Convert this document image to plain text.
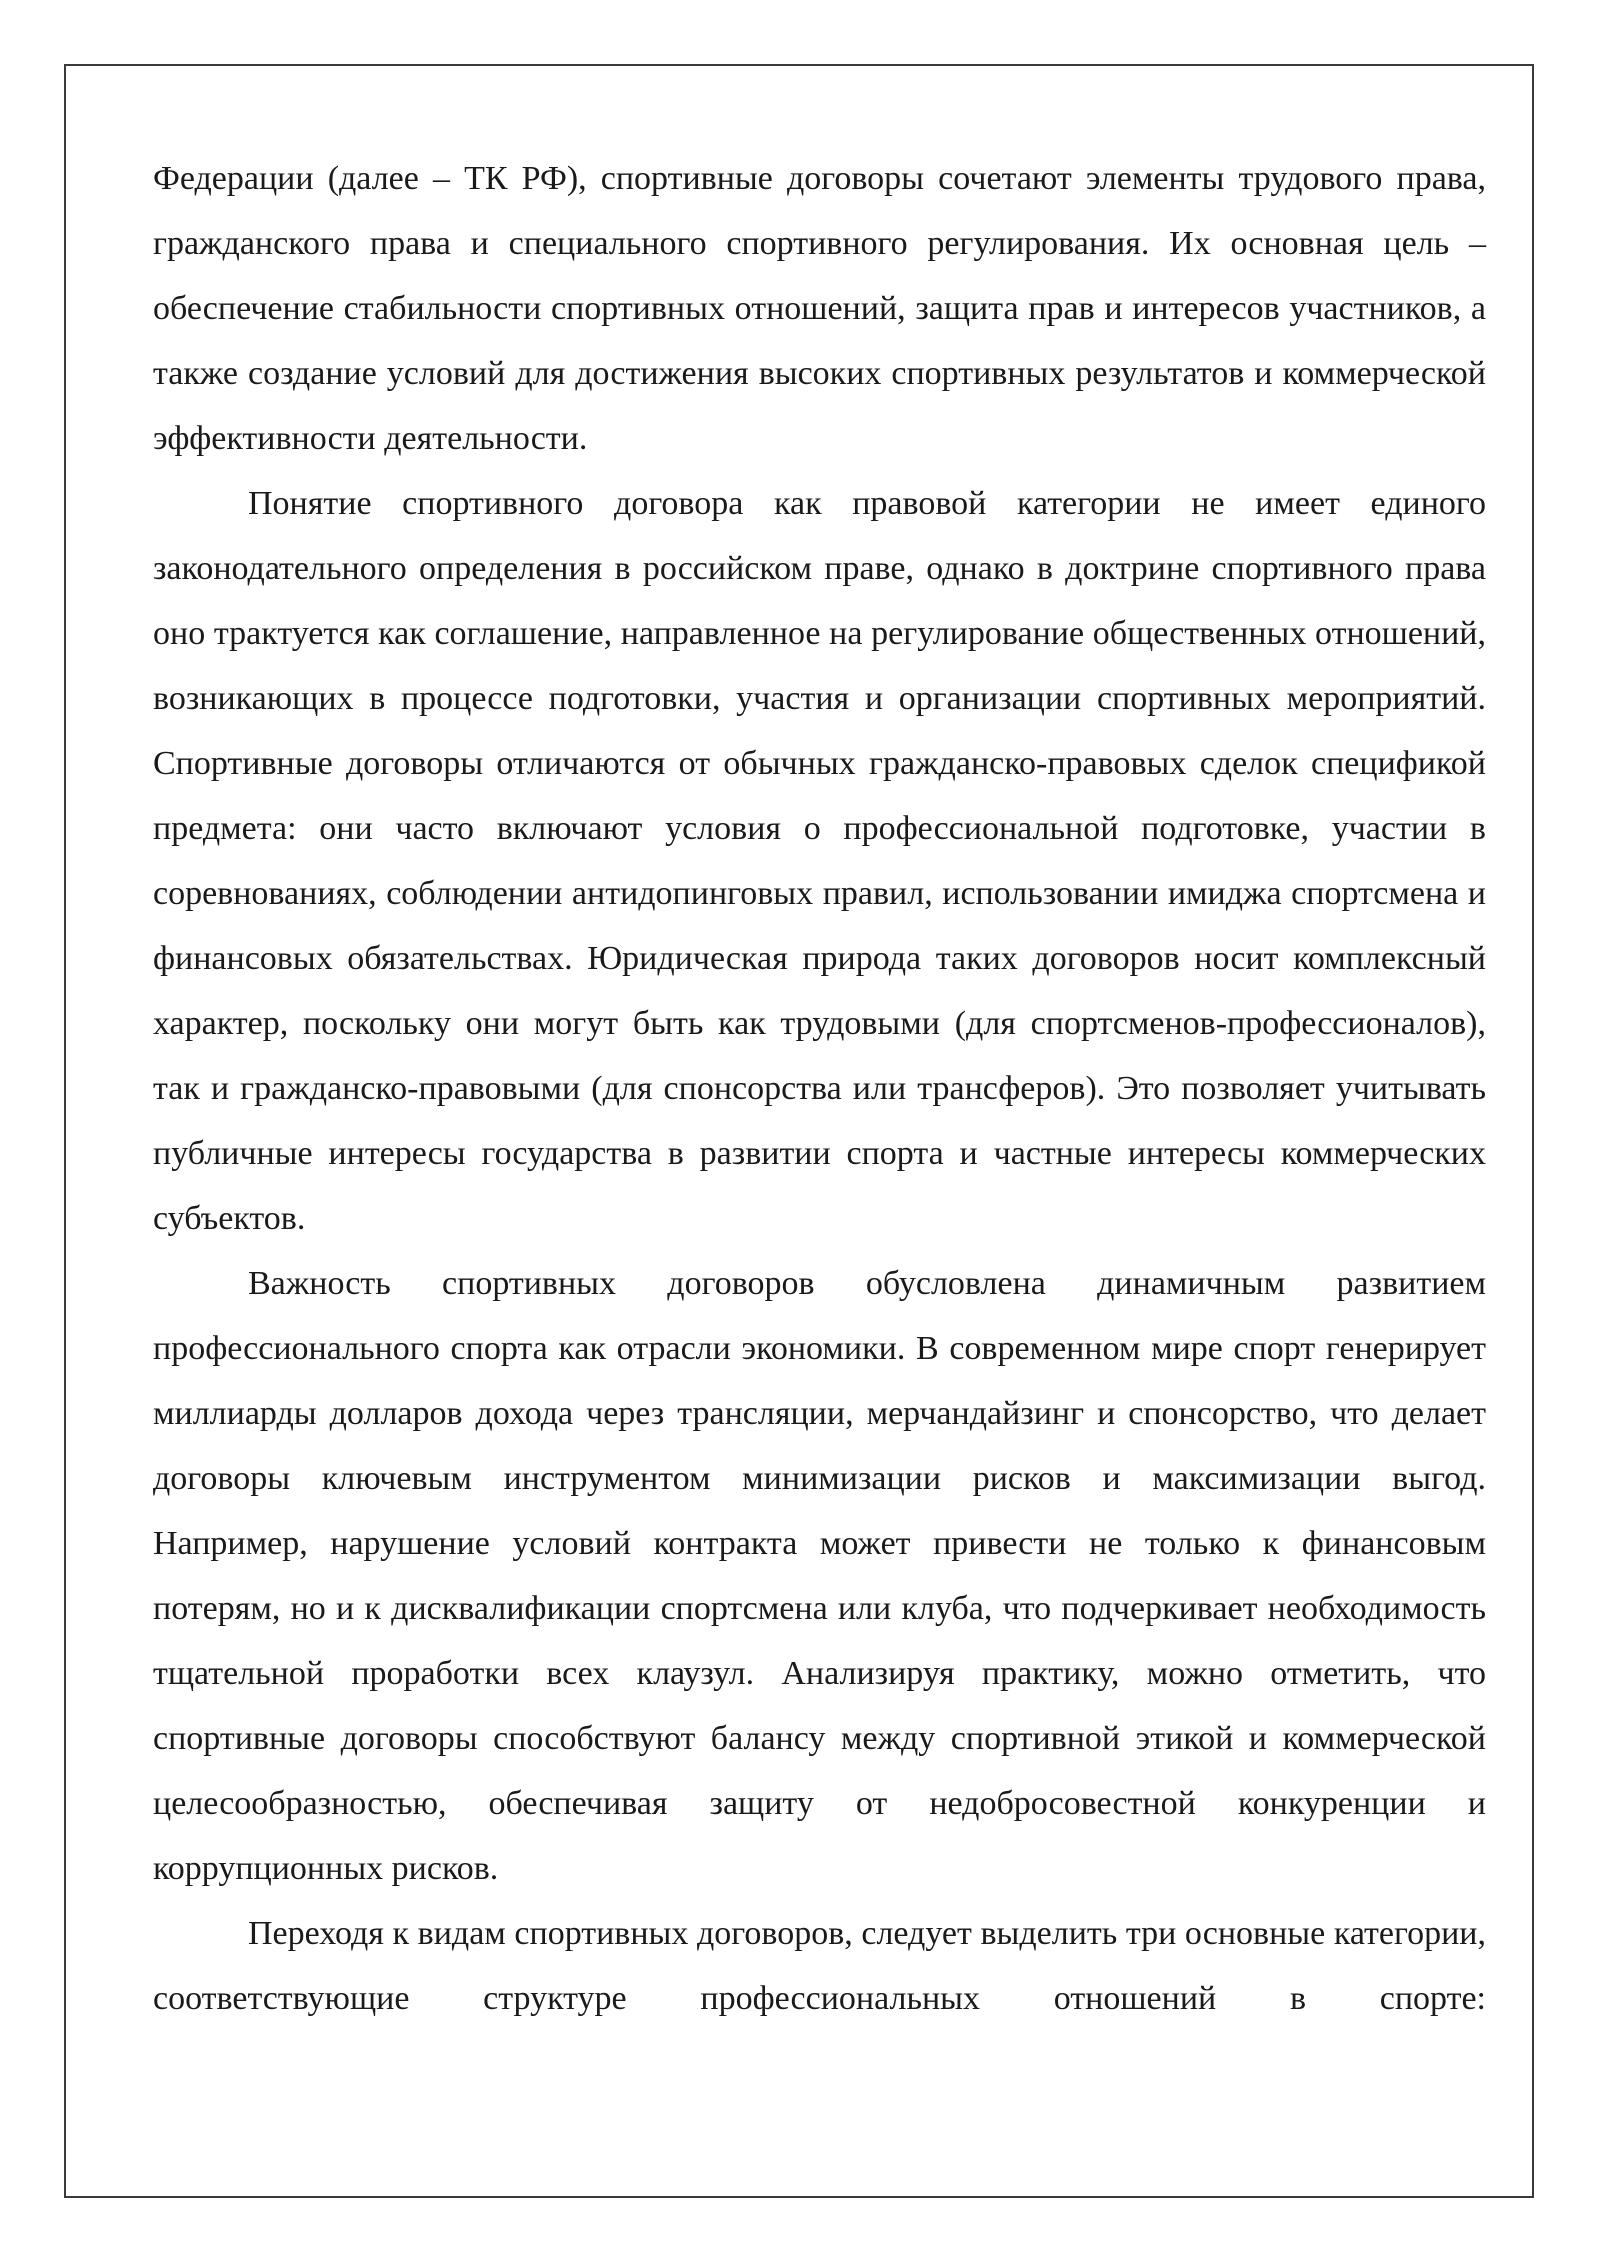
Федерации (далее – ТК РФ), спортивные договоры сочетают элементы трудового права, гражданского права и специального спортивного регулирования. Их основная цель – обеспечение стабильности спортивных отношений, защита прав и интересов участников, а также создание условий для достижения высоких спортивных результатов и коммерческой эффективности деятельности.

Понятие спортивного договора как правовой категории не имеет единого законодательного определения в российском праве, однако в доктрине спортивного права оно трактуется как соглашение, направленное на регулирование общественных отношений, возникающих в процессе подготовки, участия и организации спортивных мероприятий. Спортивные договоры отличаются от обычных гражданско-правовых сделок спецификой предмета: они часто включают условия о профессиональной подготовке, участии в соревнованиях, соблюдении антидопинговых правил, использовании имиджа спортсмена и финансовых обязательствах. Юридическая природа таких договоров носит комплексный характер, поскольку они могут быть как трудовыми (для спортсменов-профессионалов), так и гражданско-правовыми (для спонсорства или трансферов). Это позволяет учитывать публичные интересы государства в развитии спорта и частные интересы коммерческих субъектов.

Важность спортивных договоров обусловлена динамичным развитием профессионального спорта как отрасли экономики. В современном мире спорт генерирует миллиарды долларов дохода через трансляции, мерчандайзинг и спонсорство, что делает договоры ключевым инструментом минимизации рисков и максимизации выгод. Например, нарушение условий контракта может привести не только к финансовым потерям, но и к дисквалификации спортсмена или клуба, что подчеркивает необходимость тщательной проработки всех клаузул. Анализируя практику, можно отметить, что спортивные договоры способствуют балансу между спортивной этикой и коммерческой целесообразностью, обеспечивая защиту от недобросовестной конкуренции и коррупционных рисков.

Переходя к видам спортивных договоров, следует выделить три основные категории, соответствующие структуре профессиональных отношений в спорте:
